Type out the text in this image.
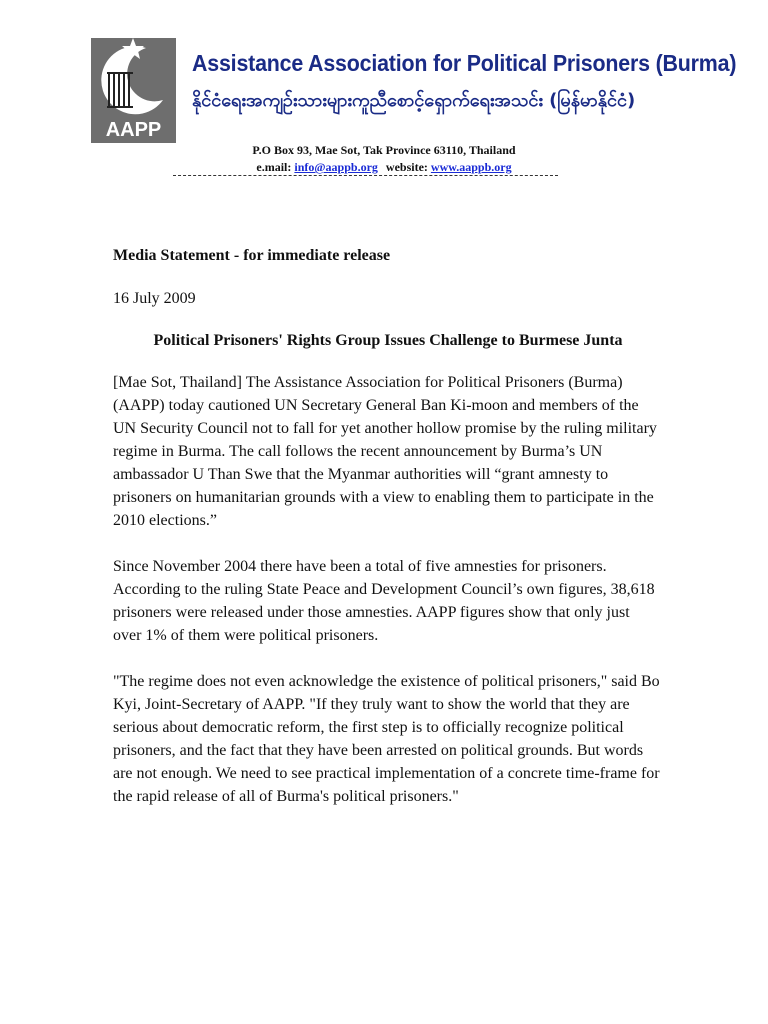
AAPP
Assistance Association for Political Prisoners (Burma)
နိုင်ငံရေးအကျဉ်းသားများကူညီစောင့်ရှောက်ရေးအသင်း (မြန်မာနိုင်ငံ)
P.O Box 93, Mae Sot, Tak Province 63110, Thailand
e.mail: info@aappb.org website: www.aappb.org

Media Statement - for immediate release

16 July 2009

Political Prisoners' Rights Group Issues Challenge to Burmese Junta

[Mae Sot, Thailand] The Assistance Association for Political Prisoners (Burma) (AAPP) today cautioned UN Secretary General Ban Ki-moon and members of the UN Security Council not to fall for yet another hollow promise by the ruling military regime in Burma. The call follows the recent announcement by Burma’s UN ambassador U Than Swe that the Myanmar authorities will “grant amnesty to prisoners on humanitarian grounds with a view to enabling them to participate in the 2010 elections.”

Since November 2004 there have been a total of five amnesties for prisoners. According to the ruling State Peace and Development Council’s own figures, 38,618 prisoners were released under those amnesties. AAPP figures show that only just over 1% of them were political prisoners.

"The regime does not even acknowledge the existence of political prisoners," said Bo Kyi, Joint-Secretary of AAPP. "If they truly want to show the world that they are serious about democratic reform, the first step is to officially recognize political prisoners, and the fact that they have been arrested on political grounds. But words are not enough. We need to see practical implementation of a concrete time-frame for the rapid release of all of Burma's political prisoners."
